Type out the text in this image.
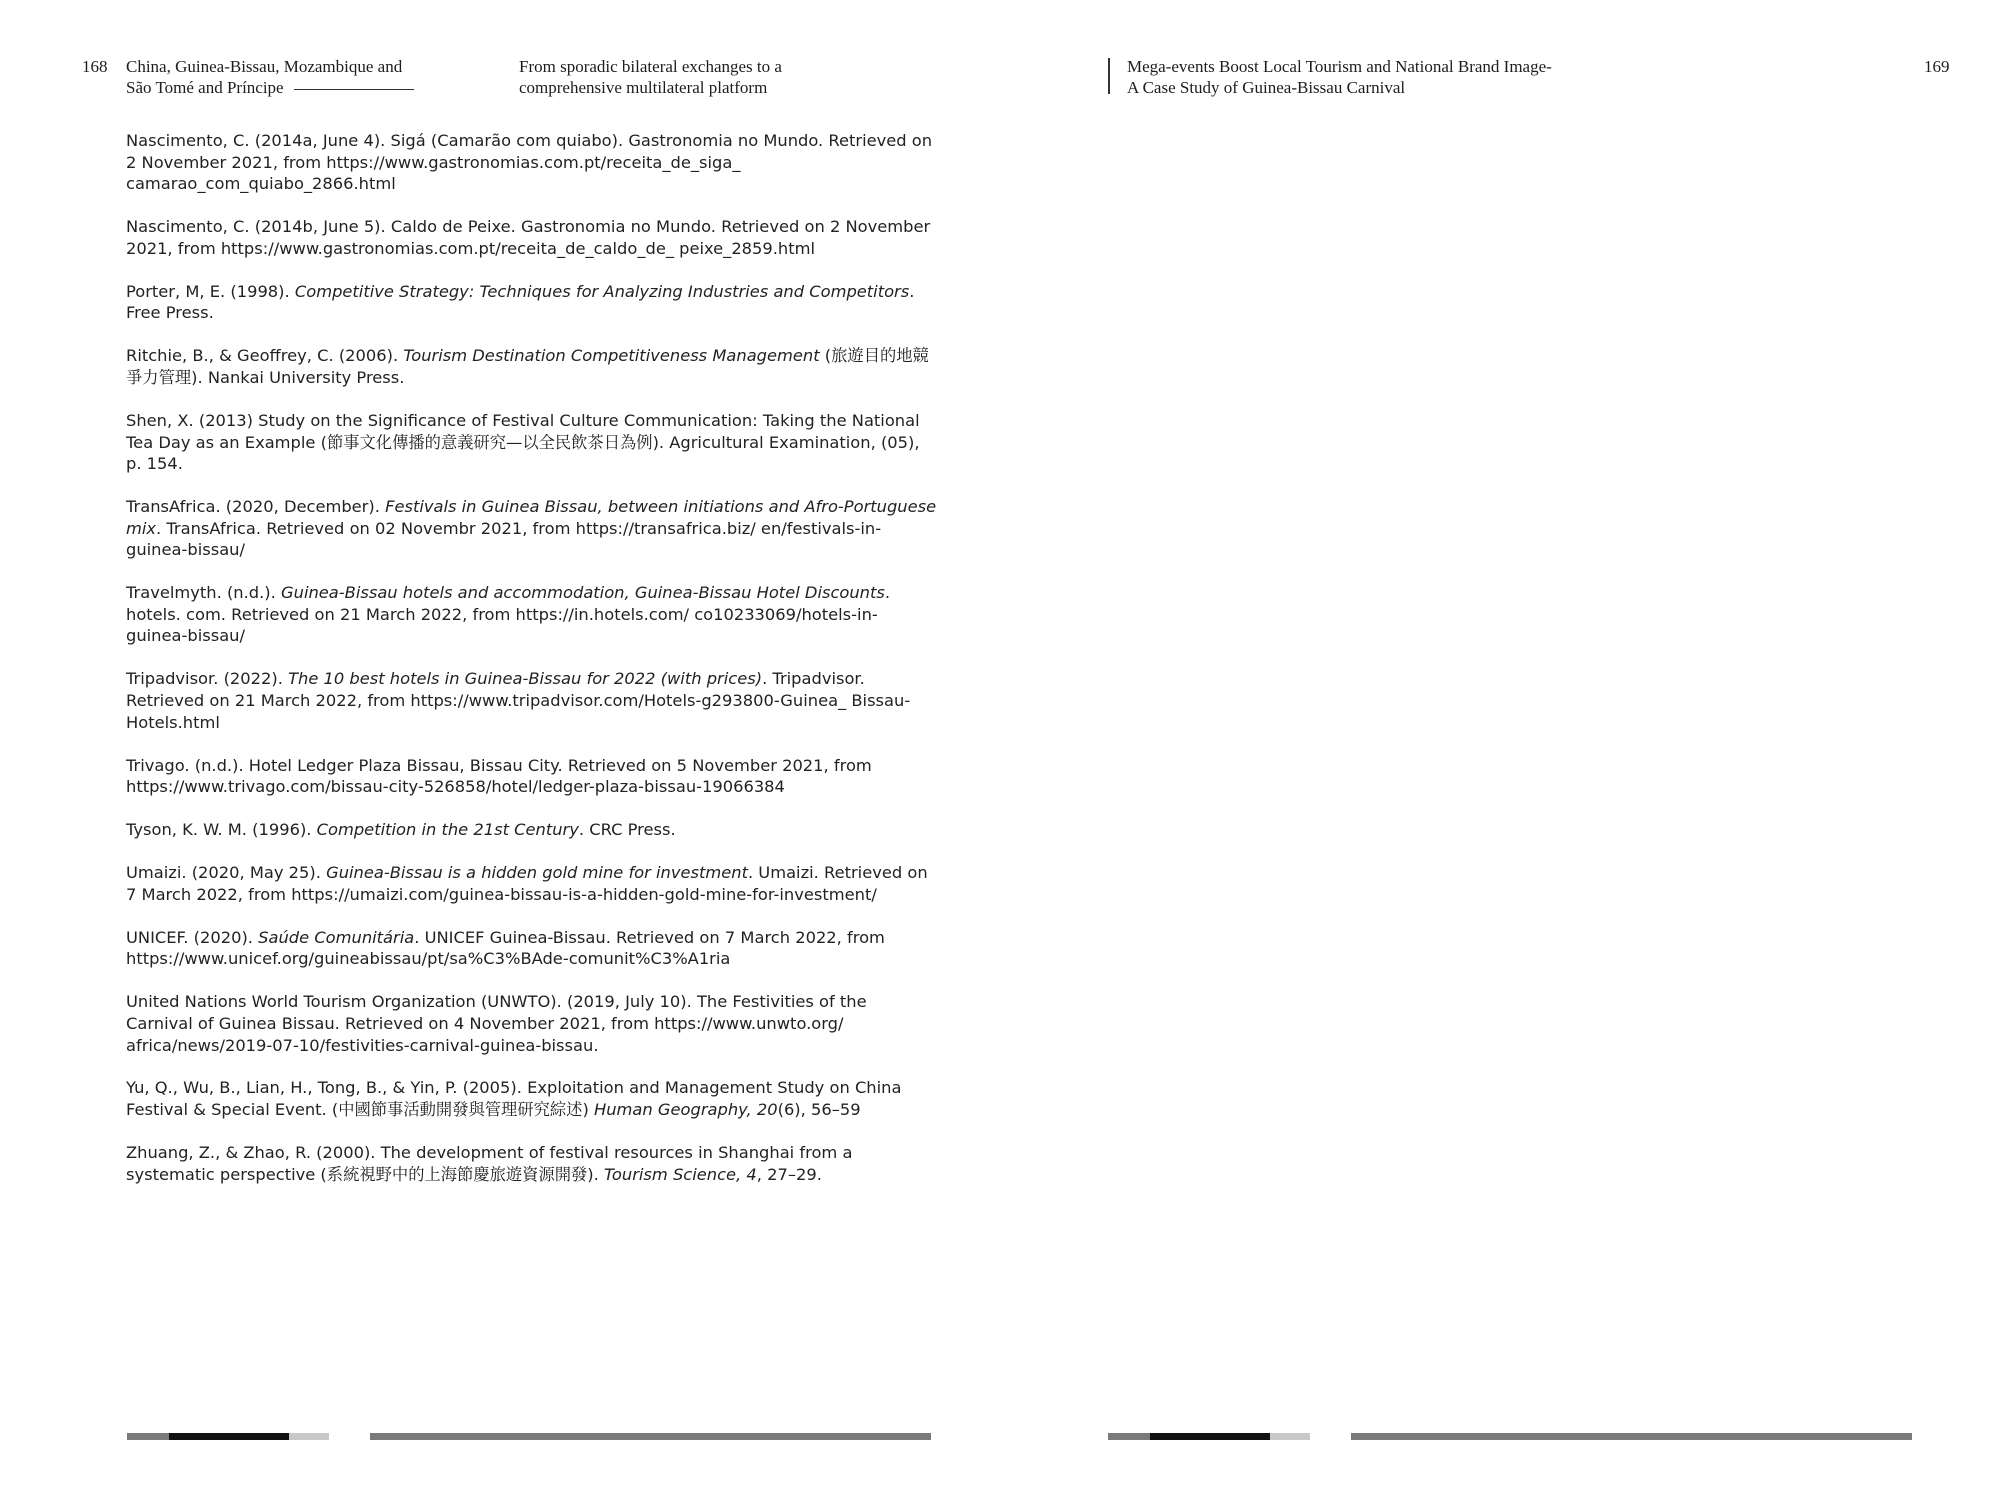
168 China, Guinea-Bissau, Mozambique and
São Tomé and Príncipe
From sporadic bilateral exchanges to a
comprehensive multilateral platform
Mega-events Boost Local Tourism and National Brand Image-
A Case Study of Guinea-Bissau Carnival
169

Nascimento, C. (2014a, June 4). Sigá (Camarão com quiabo). Gastronomia no Mundo. Retrieved on 2 November 2021, from https://www.gastronomias.com.pt/receita_de_siga_ camarao_com_quiabo_2866.html

Nascimento, C. (2014b, June 5). Caldo de Peixe. Gastronomia no Mundo. Retrieved on 2 November 2021, from https://www.gastronomias.com.pt/receita_de_caldo_de_ peixe_2859.html

Porter, M, E. (1998). Competitive Strategy: Techniques for Analyzing Industries and Competitors. Free Press.

Ritchie, B., & Geoffrey, C. (2006). Tourism Destination Competitiveness Management (旅遊目的地競爭力管理). Nankai University Press.

Shen, X. (2013) Study on the Significance of Festival Culture Communication: Taking the National Tea Day as an Example (節事文化傳播的意義研究—以全民飲茶日為例). Agricultural Examination, (05), p. 154.

TransAfrica. (2020, December). Festivals in Guinea Bissau, between initiations and Afro-Portuguese mix. TransAfrica. Retrieved on 02 Novembr 2021, from https://transafrica.biz/ en/festivals-in-guinea-bissau/

Travelmyth. (n.d.). Guinea-Bissau hotels and accommodation, Guinea-Bissau Hotel Discounts. hotels. com. Retrieved on 21 March 2022, from https://in.hotels.com/ co10233069/hotels-in-guinea-bissau/

Tripadvisor. (2022). The 10 best hotels in Guinea-Bissau for 2022 (with prices). Tripadvisor. Retrieved on 21 March 2022, from https://www.tripadvisor.com/Hotels-g293800-Guinea_ Bissau-Hotels.html

Trivago. (n.d.). Hotel Ledger Plaza Bissau, Bissau City. Retrieved on 5 November 2021, from https://www.trivago.com/bissau-city-526858/hotel/ledger-plaza-bissau-19066384

Tyson, K. W. M. (1996). Competition in the 21st Century. CRC Press.

Umaizi. (2020, May 25). Guinea-Bissau is a hidden gold mine for investment. Umaizi. Retrieved on 7 March 2022, from https://umaizi.com/guinea-bissau-is-a-hidden-gold-mine-for-investment/

UNICEF. (2020). Saúde Comunitária. UNICEF Guinea-Bissau. Retrieved on 7 March 2022, from https://www.unicef.org/guineabissau/pt/sa%C3%BAde-comunit%C3%A1ria

United Nations World Tourism Organization (UNWTO). (2019, July 10). The Festivities of the Carnival of Guinea Bissau. Retrieved on 4 November 2021, from https://www.unwto.org/ africa/news/2019-07-10/festivities-carnival-guinea-bissau.

Yu, Q., Wu, B., Lian, H., Tong, B., & Yin, P. (2005). Exploitation and Management Study on China Festival & Special Event. (中國節事活動開發與管理研究綜述) Human Geography, 20(6), 56–59

Zhuang, Z., & Zhao, R. (2000). The development of festival resources in Shanghai from a systematic perspective (系統視野中的上海節慶旅遊資源開發). Tourism Science, 4, 27–29.
